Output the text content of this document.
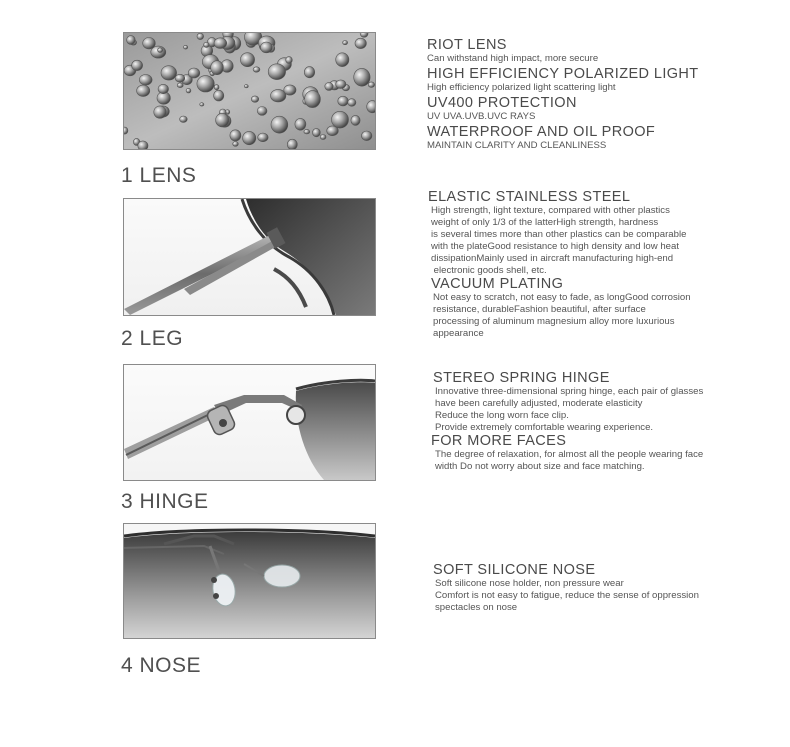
1 LENS
RIOT LENS
Can withstand high impact, more secure
HIGH EFFICIENCY POLARIZED LIGHT
High efficiency polarized light scattering light
UV400 PROTECTION
UV UVA.UVB.UVC RAYS
WATERPROOF AND OIL PROOF
MAINTAIN CLARITY AND CLEANLINESS
2 LEG
ELASTIC STAINLESS STEEL
High strength, light texture, compared with other plastics
weight of only 1/3 of the latterHigh strength, hardness
is several times more than other plastics can be comparable
with the plateGood resistance to high density and low heat
dissipationMainly used in aircraft manufacturing high-end
electronic goods shell, etc.
VACUUM PLATING
Not easy to scratch, not easy to fade, as longGood corrosion
resistance, durableFashion beautiful, after surface
processing of aluminum magnesium alloy more luxurious
appearance
3 HINGE
STEREO SPRING HINGE
Innovative three-dimensional spring hinge, each pair of glasses
have been carefully adjusted, moderate elasticity
Reduce the long worn face clip.
Provide extremely comfortable wearing experience.
FOR MORE FACES
The degree of relaxation, for almost all the people wearing face
width Do not worry about size and face matching.
4 NOSE
SOFT SILICONE NOSE
Soft silicone nose holder, non pressure wear
Comfort is not easy to fatigue, reduce the sense of oppression
spectacles on nose
